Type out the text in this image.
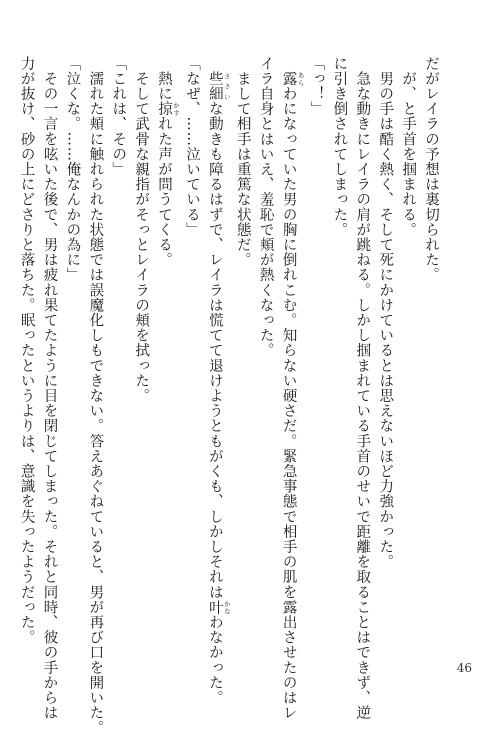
だがレイラの予想は裏切られた。
　が、と手首を掴まれる。
　男の手は酷く熱く、そして死にかけているとは思えないほど力強かった。
　急な動きにレイラの肩が跳ねる。しかし掴まれている手首のせいで距離を取ることはできず、逆
に引き倒されてしまった。
「っ！」
　露 あらわになっていた男の胸に倒れこむ。知らない硬さだ。緊急事態で相手の肌を露出させたのはレ
イラ自身とはいえ、羞恥で頬が熱くなった。
　まして相手は重篤な状態だ。
　些細 ささいな動きも障るはずで、レイラは慌てて退けようともがくも、しかしそれは叶 かなわなかった。
「なぜ、……泣いている」
　熱に掠 かすれた声が問うてくる。
　そして武骨な親指がそっとレイラの頬を拭った。
「これは、その」
　濡れた頬に触れられた状態では誤魔化しもできない。答えあぐねていると、男が再び口を開いた。
「泣くな。……俺なんかの為に」
　その一言を呟いた後で、男は疲れ果てたように目を閉じてしまった。それと同時、彼の手からは
力が抜け、砂の上にどさりと落ちた。眠ったというよりは、意識を失ったようだった。
46
